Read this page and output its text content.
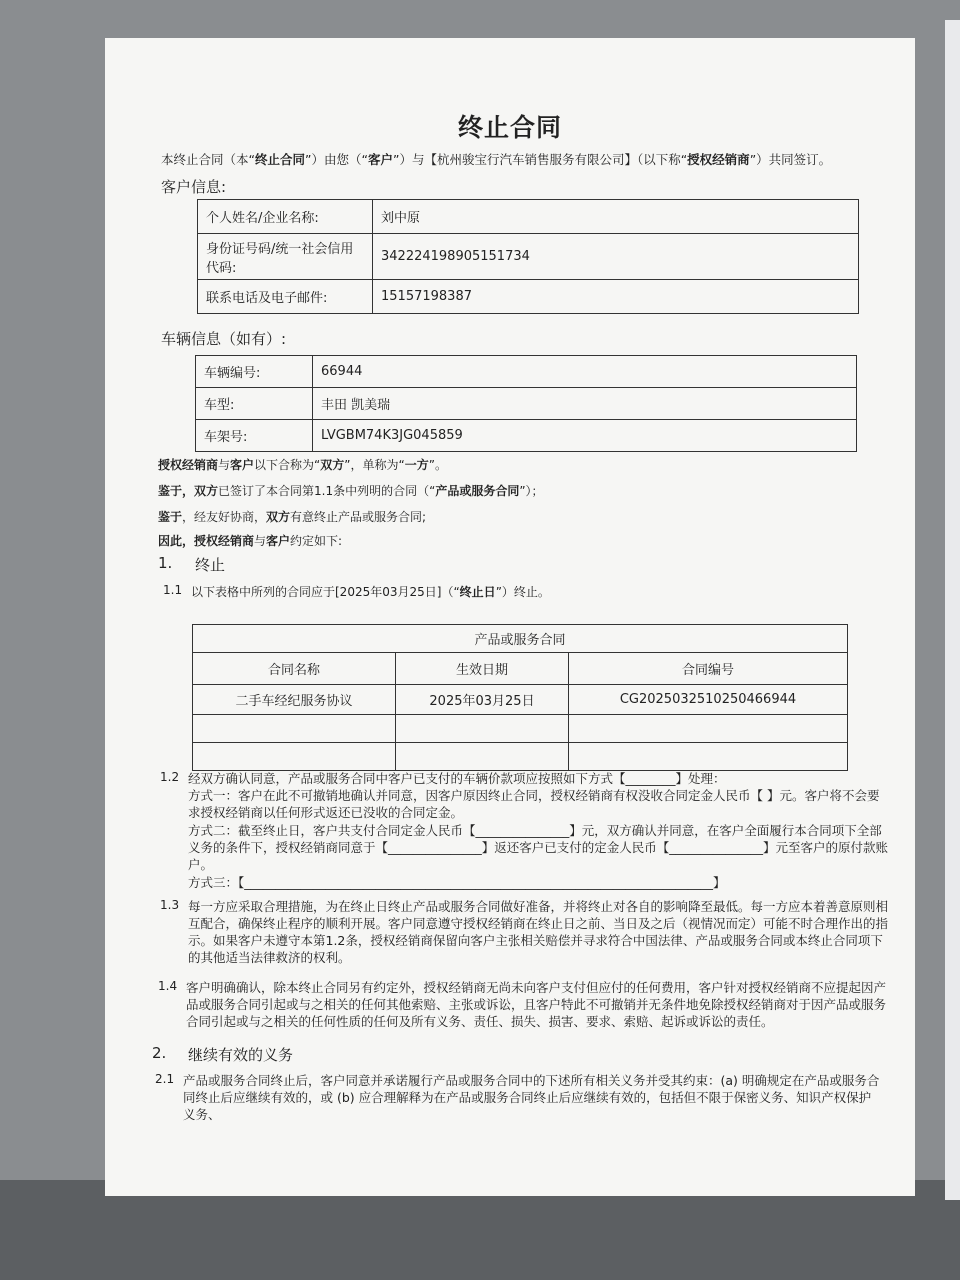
终止合同
本终止合同（本“终止合同”）由您（“客户”）与【杭州骏宝行汽车销售服务有限公司】（以下称“授权经销商”）共同签订。
客户信息:
个人姓名/企业名称:	刘中原
身份证号码/统一社会信用代码:	342224198905151734
联系电话及电子邮件:	15157198387
车辆信息（如有）:
车辆编号:	66944
车型:	丰田 凯美瑞
车架号:	LVGBM74K3JG045859
授权经销商与客户以下合称为“双方”，单称为“一方”。
鉴于，双方已签订了本合同第1.1条中列明的合同（“产品或服务合同”）；
鉴于，经友好协商，双方有意终止产品或服务合同;
因此，授权经销商与客户约定如下:
1. 终止
1.1 以下表格中所列的合同应于[2025年03月25日]（“终止日”）终止。
产品或服务合同		
合同名称	生效日期	合同编号
二手车经纪服务协议	2025年03月25日	CG2025032510250466944

1.2 经双方确认同意，产品或服务合同中客户已支付的车辆价款项应按照如下方式【________】处理：
方式一：客户在此不可撤销地确认并同意，因客户原因终止合同，授权经销商有权没收合同定金人民币【 】元。客户将不会要求授权经销商以任何形式返还已没收的合同定金。
方式二：截至终止日，客户共支付合同定金人民币【_______________】元，双方确认并同意，在客户全面履行本合同项下全部义务的条件下，授权经销商同意于【_______________】返还客户已支付的定金人民币【_______________】元至客户的原付款账户。
方式三：【___________________________________________________________________________】
1.3 每一方应采取合理措施，为在终止日终止产品或服务合同做好准备，并将终止对各自的影响降至最低。每一方应本着善意原则相互配合，确保终止程序的顺利开展。客户同意遵守授权经销商在终止日之前、当日及之后（视情况而定）可能不时合理作出的指示。如果客户未遵守本第1.2条，授权经销商保留向客户主张相关赔偿并寻求符合中国法律、产品或服务合同或本终止合同项下的其他适当法律救济的权利。
1.4 客户明确确认，除本终止合同另有约定外，授权经销商无尚未向客户支付但应付的任何费用，客户针对授权经销商不应提起因产品或服务合同引起或与之相关的任何其他索赔、主张或诉讼，且客户特此不可撤销并无条件地免除授权经销商对于因产品或服务合同引起或与之相关的任何性质的任何及所有义务、责任、损失、损害、要求、索赔、起诉或诉讼的责任。
2. 继续有效的义务
2.1 产品或服务合同终止后，客户同意并承诺履行产品或服务合同中的下述所有相关义务并受其约束：(a) 明确规定在产品或服务合同终止后应继续有效的，或 (b) 应合理解释为在产品或服务合同终止后应继续有效的，包括但不限于保密义务、知识产权保护义务、
